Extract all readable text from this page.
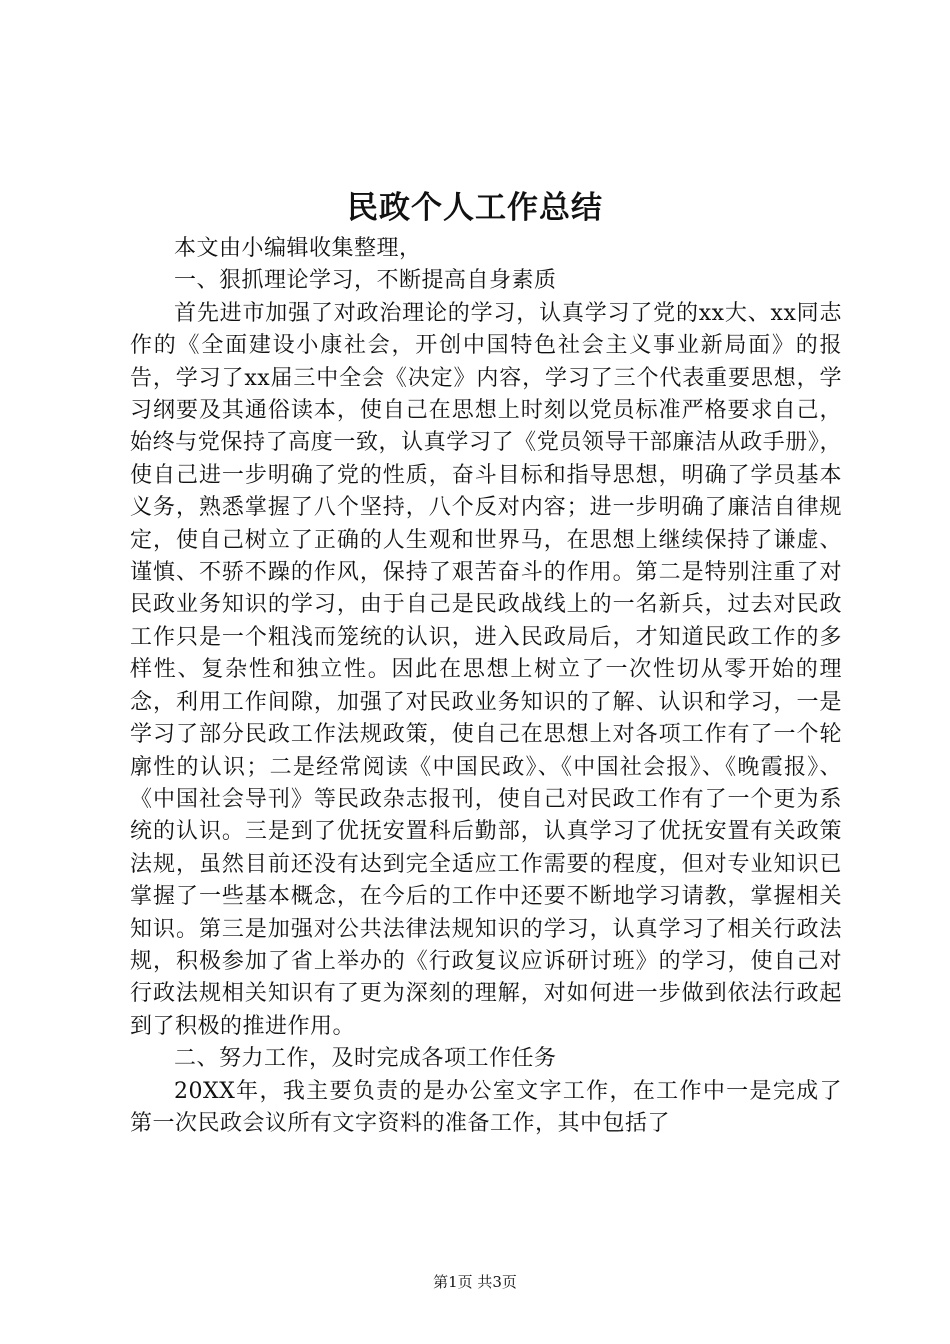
民政个人工作总结

本文由小编辑收集整理，

一、狠抓理论学习，不断提高自身素质

首先进市加强了对政治理论的学习，认真学习了党的xx大、xx同志作的《全面建设小康社会，开创中国特色社会主义事业新局面》的报告，学习了xx届三中全会《决定》内容，学习了三个代表重要思想，学习纲要及其通俗读本，使自己在思想上时刻以党员标准严格要求自己，始终与党保持了高度一致，认真学习了《党员领导干部廉洁从政手册》，使自己进一步明确了党的性质，奋斗目标和指导思想，明确了学员基本义务，熟悉掌握了八个坚持，八个反对内容；进一步明确了廉洁自律规定，使自己树立了正确的人生观和世界马，在思想上继续保持了谦虚、谨慎、不骄不躁的作风，保持了艰苦奋斗的作用。第二是特别注重了对民政业务知识的学习，由于自己是民政战线上的一名新兵，过去对民政工作只是一个粗浅而笼统的认识，进入民政局后，才知道民政工作的多样性、复杂性和独立性。因此在思想上树立了一次性切从零开始的理念，利用工作间隙，加强了对民政业务知识的了解、认识和学习，一是学习了部分民政工作法规政策，使自己在思想上对各项工作有了一个轮廓性的认识；二是经常阅读《中国民政》、《中国社会报》、《晚霞报》、《中国社会导刊》等民政杂志报刊，使自己对民政工作有了一个更为系统的认识。三是到了优抚安置科后勤部，认真学习了优抚安置有关政策法规，虽然目前还没有达到完全适应工作需要的程度，但对专业知识已掌握了一些基本概念，在今后的工作中还要不断地学习请教，掌握相关知识。第三是加强对公共法律法规知识的学习，认真学习了相关行政法规，积极参加了省上举办的《行政复议应诉研讨班》的学习，使自己对行政法规相关知识有了更为深刻的理解，对如何进一步做到依法行政起到了积极的推进作用。

二、努力工作，及时完成各项工作任务

20XX年，我主要负责的是办公室文字工作，在工作中一是完成了第一次民政会议所有文字资料的准备工作，其中包括了

第1页 共3页
